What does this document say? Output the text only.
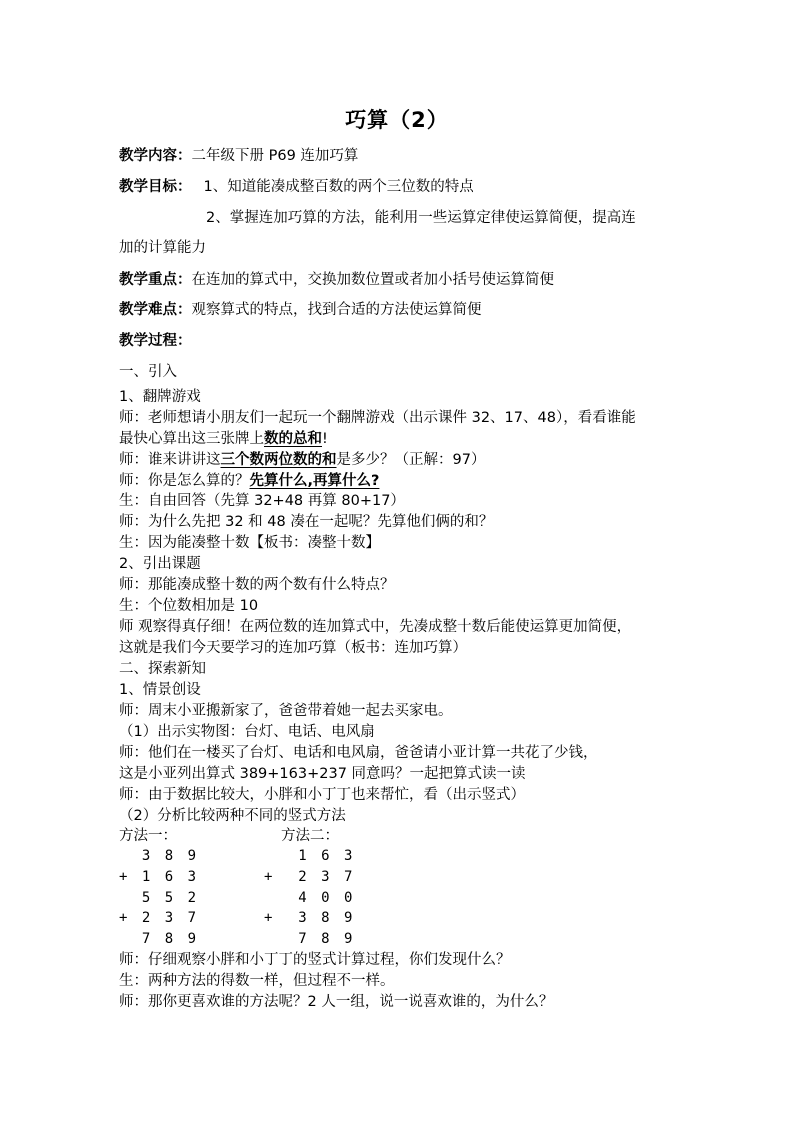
巧算（2）
教学内容：二年级下册 P69 连加巧算
教学目标： 1、知道能凑成整百数的两个三位数的特点
2、掌握连加巧算的方法，能利用一些运算定律使运算简便，提高连
加的计算能力
教学重点：在连加的算式中，交换加数位置或者加小括号使运算简便
教学难点：观察算式的特点，找到合适的方法使运算简便
教学过程：
一、引入
1、翻牌游戏
师：老师想请小朋友们一起玩一个翻牌游戏（出示课件 32、17、48），看看谁能
最快心算出这三张牌上数的总和!
师：谁来讲讲这三个数两位数的和是多少？（正解：97）
师：你是怎么算的？先算什么,再算什么?
生：自由回答（先算 32+48 再算 80+17）
师：为什么先把 32 和 48 凑在一起呢？先算他们俩的和？
生：因为能凑整十数【板书：凑整十数】
2、引出课题
师：那能凑成整十数的两个数有什么特点？
生：个位数相加是 10
师 观察得真仔细！在两位数的连加算式中，先凑成整十数后能使运算更加简便，
这就是我们今天要学习的连加巧算（板书：连加巧算）
二、探索新知
1、情景创设
师：周末小亚搬新家了，爸爸带着她一起去买家电。
（1）出示实物图：台灯、电话、电风扇
师：他们在一楼买了台灯、电话和电风扇，爸爸请小亚计算一共花了少钱，
这是小亚列出算式 389+163+237 同意吗？一起把算式读一读
师：由于数据比较大，小胖和小丁丁也来帮忙，看（出示竖式）
（2）分析比较两种不同的竖式方法
方法一：	方法二：
3 8 9
+ 1 6 3
5 5 2
+ 2 3 7
7 8 9
1 6 3
+  2 3 7
4 0 0
+  3 8 9
7 8 9
师：仔细观察小胖和小丁丁的竖式计算过程，你们发现什么？
生：两种方法的得数一样，但过程不一样。
师：那你更喜欢谁的方法呢？2 人一组，说一说喜欢谁的，为什么？
